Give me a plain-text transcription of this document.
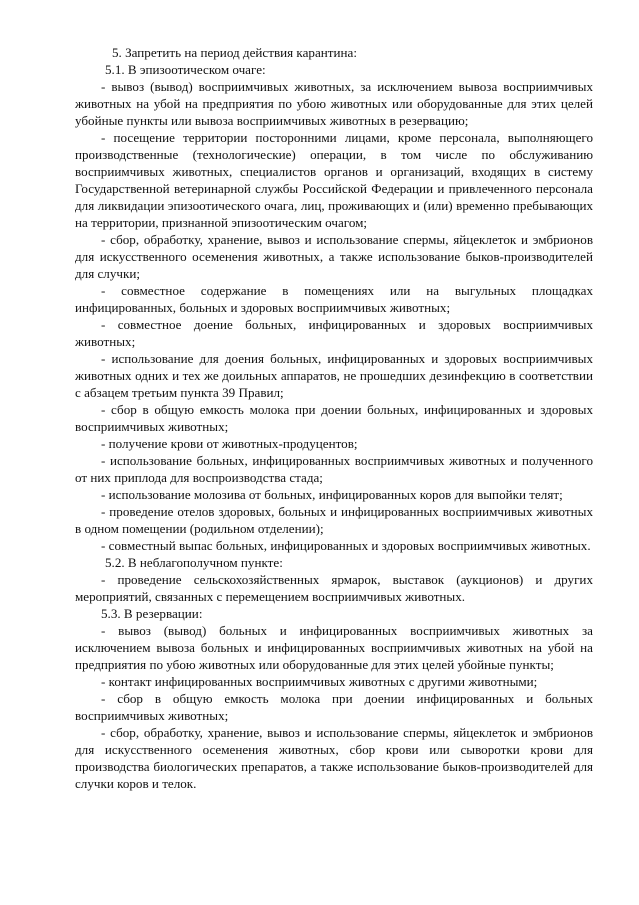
5. Запретить на период действия карантина:

5.1. В эпизоотическом очаге:

- вывоз (вывод) восприимчивых животных, за исключением вывоза восприимчивых животных на убой на предприятия по убою животных или оборудованные для этих целей убойные пункты или вывоза восприимчивых животных в резервацию;

- посещение территории посторонними лицами, кроме персонала, выполняющего производственные (технологические) операции, в том числе по обслуживанию восприимчивых животных, специалистов органов и организаций, входящих в систему Государственной ветеринарной службы Российской Федерации и привлеченного персонала для ликвидации эпизоотического очага, лиц, проживающих и (или) временно пребывающих на территории, признанной эпизоотическим очагом;

- сбор, обработку, хранение, вывоз и использование спермы, яйцеклеток и эмбрионов для искусственного осеменения животных, а также использование быков-производителей для случки;

- совместное содержание в помещениях или на выгульных площадках инфицированных, больных и здоровых восприимчивых животных;

- совместное доение больных, инфицированных и здоровых восприимчивых животных;

- использование для доения больных, инфицированных и здоровых восприимчивых животных одних и тех же доильных аппаратов, не прошедших дезинфекцию в соответствии с абзацем третьим пункта 39 Правил;

- сбор в общую емкость молока при доении больных, инфицированных и здоровых восприимчивых животных;

- получение крови от животных-продуцентов;

- использование больных, инфицированных восприимчивых животных и полученного от них приплода для воспроизводства стада;

- использование молозива от больных, инфицированных коров для выпойки телят;

- проведение отелов здоровых, больных и инфицированных восприимчивых животных в одном помещении (родильном отделении);

- совместный выпас больных, инфицированных и здоровых восприимчивых животных.

5.2. В неблагополучном пункте:

- проведение сельскохозяйственных ярмарок, выставок (аукционов) и других мероприятий, связанных с перемещением восприимчивых животных.

5.3. В резервации:

- вывоз (вывод) больных и инфицированных восприимчивых животных за исключением вывоза больных и инфицированных восприимчивых животных на убой на предприятия по убою животных или оборудованные для этих целей убойные пункты;

- контакт инфицированных восприимчивых животных с другими животными;

- сбор в общую емкость молока при доении инфицированных и больных восприимчивых животных;

- сбор, обработку, хранение, вывоз и использование спермы, яйцеклеток и эмбрионов для искусственного осеменения животных, сбор крови или сыворотки крови для производства биологических препаратов, а также использование быков-производителей для случки коров и телок.
